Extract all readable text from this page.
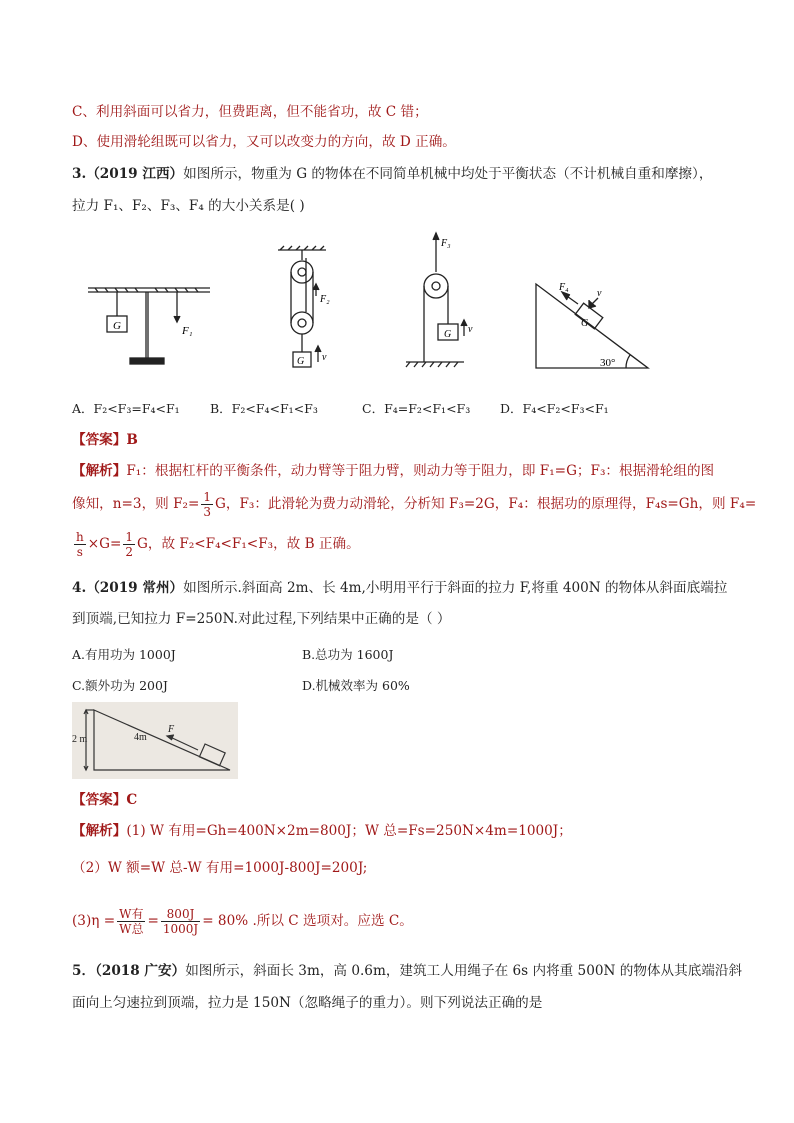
C、利用斜面可以省力，但费距离，但不能省功，故 C 错；
D、使用滑轮组既可以省力，又可以改变力的方向，故 D 正确。
3.（2019 江西）如图所示，物重为 G 的物体在不同简单机械中均处于平衡状态（不计机械自重和摩擦），
拉力 F₁、F₂、F₃、F₄ 的大小关系是( )
G	F₁
F₂
G v
F₃
G v
F₄
v
G
30°
A．F₂<F₃=F₄<F₁ B．F₂<F₄<F₁<F₃	C．F₄=F₂<F₁<F₃ D．F₄<F₂<F₃<F₁
【答案】B
【解析】F₁：根据杠杆的平衡条件，动力臂等于阻力臂，则动力等于阻力，即 F₁=G；F₃：根据滑轮组的图
像知，n=3，则 $F_2= \frac{1}{3}$ G，F₃：此滑轮为费力动滑轮，分析知 F₃=2G，F₄：根据功的原理得，F₄s=Gh，则 F₄=
$\frac{h}{s} \times G= \frac{1}{2}$ G，故 F₂<F₄<F₁<F₃，故 B 正确。
4.（2019 常州）如图所示.斜面高 2m、长 4m,小明用平行于斜面的拉力 F,将重 400N 的物体从斜面底端拉
到顶端,已知拉力 F=250N.对此过程,下列结果中正确的是（ ）
A.有用功为 1000J	B.总功为 1600J
C.额外功为 200J	D.机械效率为 60%
2 m	4m
F
【答案】C
【解析】(1) W 有用=Gh=400N×2m=800J；W 总=Fs=250N×4m=1000J；
（2）W 额=W 总-W 有用=1000J-800J=200J;
$(3)\eta = \frac{\text{W有}}{\text{W总}} = \frac{800J}{1000J} = 80\%$ .所以 C 选项对。应选 C。
5．（2018 广安）如图所示，斜面长 3m，高 0.6m，建筑工人用绳子在 6s 内将重 500N 的物体从其底端沿斜
面向上匀速拉到顶端，拉力是 150N（忽略绳子的重力）。则下列说法正确的是
